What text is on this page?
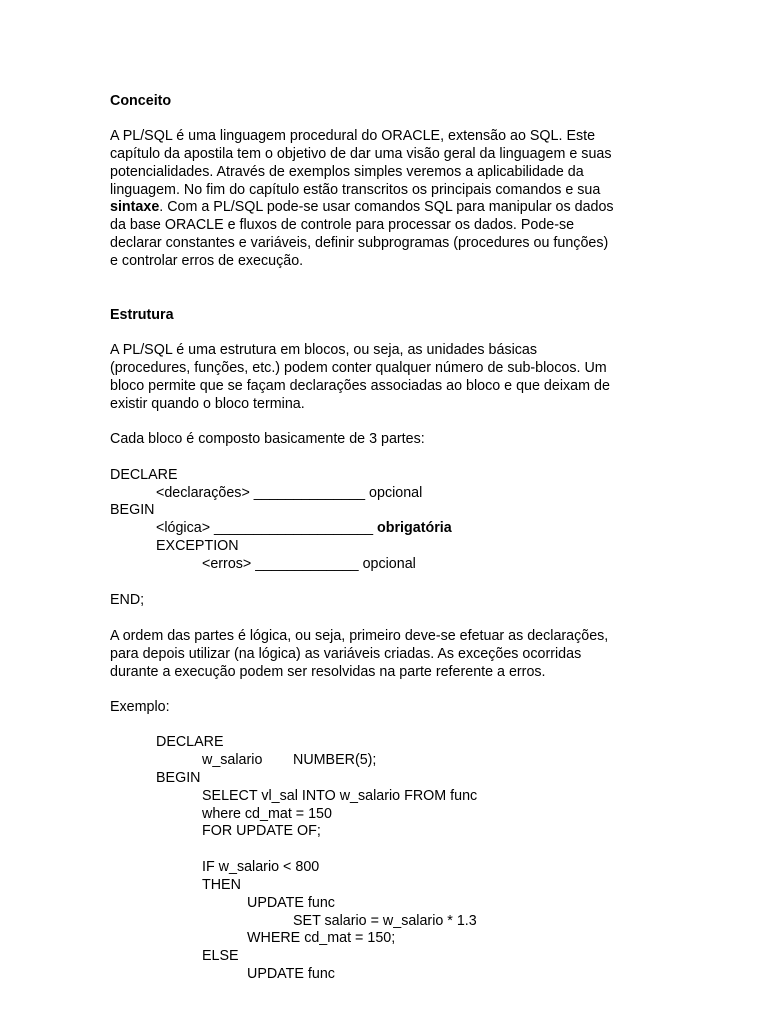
Conceito
A PL/SQL é uma linguagem procedural do ORACLE, extensão ao SQL. Este
capítulo da apostila tem o objetivo de dar uma visão geral da linguagem e suas
potencialidades. Através de exemplos simples veremos a aplicabilidade da
linguagem. No fim do capítulo estão transcritos os principais comandos e sua
sintaxe. Com a PL/SQL pode-se usar comandos SQL para manipular os dados
da base ORACLE e fluxos de controle para processar os dados. Pode-se
declarar constantes e variáveis, definir subprogramas (procedures ou funções)
e controlar erros de execução.
Estrutura
A PL/SQL é uma estrutura em blocos, ou seja, as unidades básicas
(procedures, funções, etc.) podem conter qualquer número de sub-blocos. Um
bloco permite que se façam declarações associadas ao bloco e que deixam de
existir quando o bloco termina.
Cada bloco é composto basicamente de 3 partes:
DECLARE
<declarações> ______________ opcional
BEGIN
<lógica> ____________________ obrigatória
EXCEPTION
<erros> _____________ opcional
END;
A ordem das partes é lógica, ou seja, primeiro deve-se efetuar as declarações,
para depois utilizar (na lógica) as variáveis criadas. As exceções ocorridas
durante a execução podem ser resolvidas na parte referente a erros.
Exemplo:
DECLARE
w_salario NUMBER(5);
BEGIN
SELECT vl_sal INTO w_salario FROM func
where cd_mat = 150
FOR UPDATE OF;
IF w_salario < 800
THEN
UPDATE func
SET salario = w_salario * 1.3
WHERE cd_mat = 150;
ELSE
UPDATE func
